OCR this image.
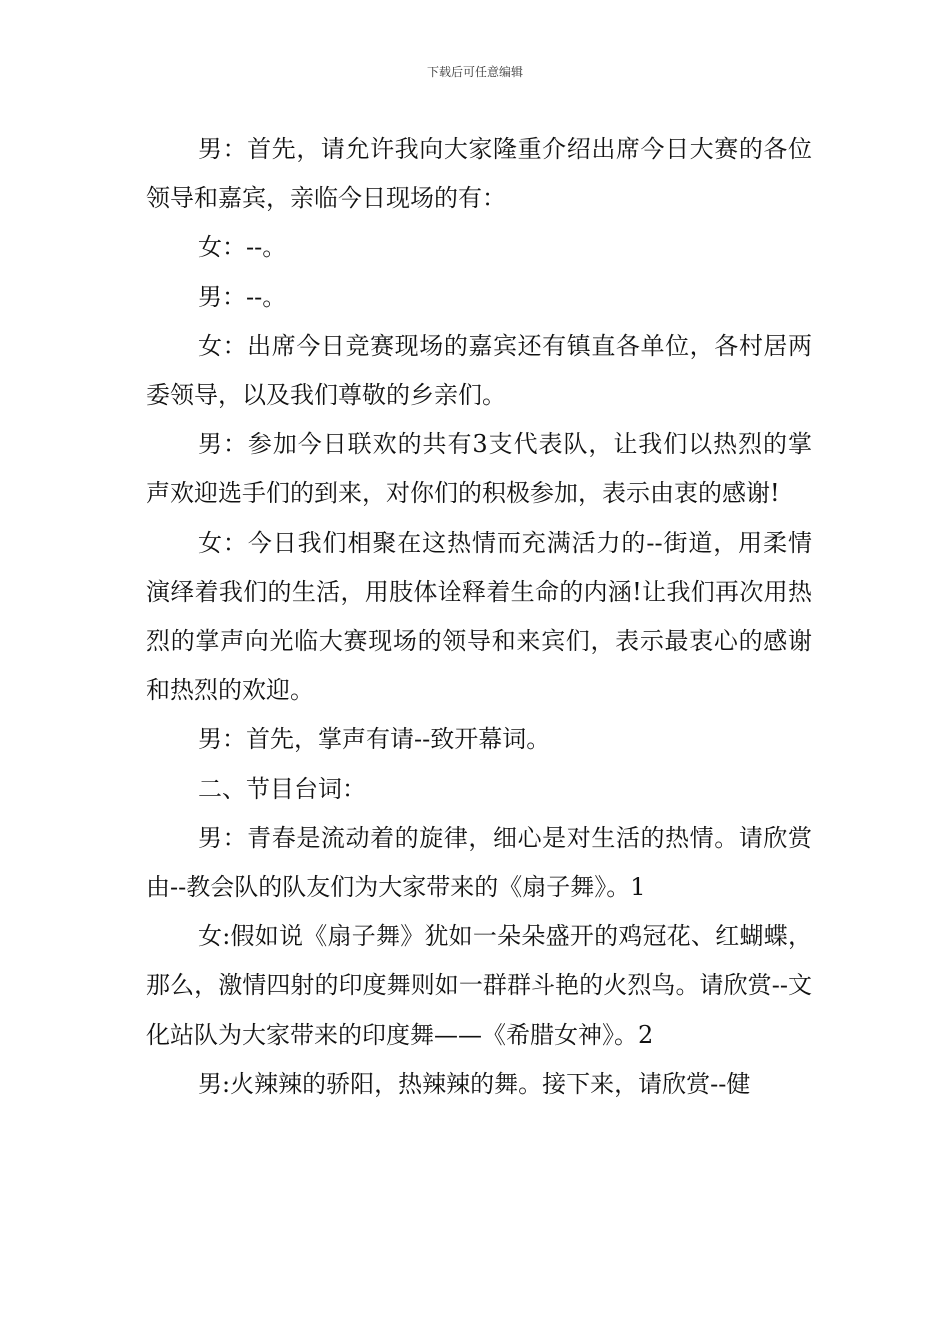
下载后可任意编辑

男：首先，请允许我向大家隆重介绍出席今日大赛的各位领导和嘉宾，亲临今日现场的有：

女：--。

男：--。

女：出席今日竞赛现场的嘉宾还有镇直各单位，各村居两委领导，以及我们尊敬的乡亲们。

男：参加今日联欢的共有3支代表队，让我们以热烈的掌声欢迎选手们的到来，对你们的积极参加，表示由衷的感谢!

女：今日我们相聚在这热情而充满活力的--街道，用柔情演绎着我们的生活，用肢体诠释着生命的内涵!让我们再次用热烈的掌声向光临大赛现场的领导和来宾们，表示最衷心的感谢和热烈的欢迎。

男：首先，掌声有请--致开幕词。

二、节目台词：

男：青春是流动着的旋律，细心是对生活的热情。请欣赏由--教会队的队友们为大家带来的《扇子舞》。1

女:假如说《扇子舞》犹如一朵朵盛开的鸡冠花、红蝴蝶，那么，激情四射的印度舞则如一群群斗艳的火烈鸟。请欣赏--文化站队为大家带来的印度舞——《希腊女神》。2

男:火辣辣的骄阳，热辣辣的舞。接下来，请欣赏--健
